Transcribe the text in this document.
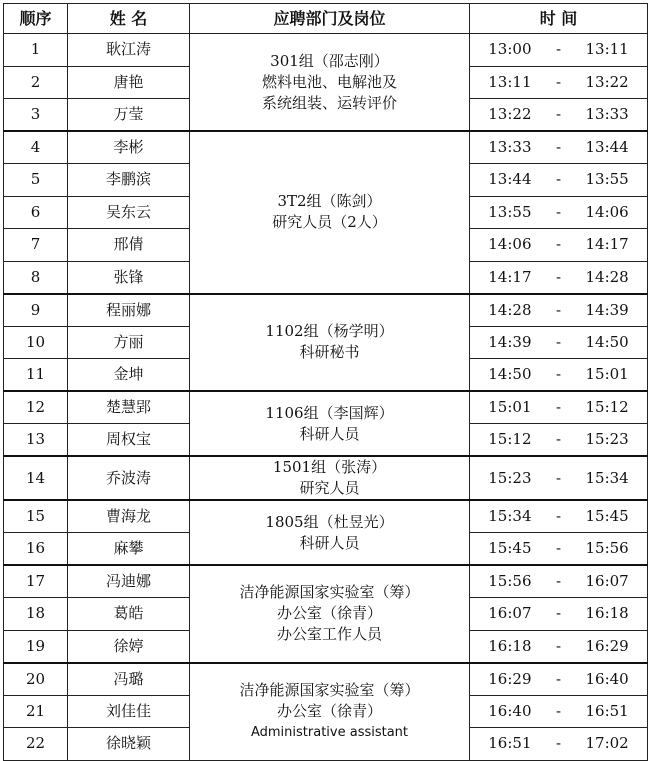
顺序	姓 名	应聘部门及岗位	时 间
1	耿江涛	301组（邵志刚）
燃料电池、电解池及
系统组装、运转评价	13:00 - 13:11
2	唐艳		13:11 - 13:22
3	万莹		13:22 - 13:33
4	李彬	3T2组（陈剑）
研究人员（2人）	13:33 - 13:44
5	李鹏滨		13:44 - 13:55
6	吴东云		13:55 - 14:06
7	邢倩		14:06 - 14:17
8	张锋		14:17 - 14:28
9	程丽娜	1102组（杨学明）
科研秘书	14:28 - 14:39
10	方丽		14:39 - 14:50
11	金坤		14:50 - 15:01
12	楚慧郢	1106组（李国辉）
科研人员	15:01 - 15:12
13	周权宝		15:12 - 15:23
14	乔波涛	1501组（张涛）
研究人员	15:23 - 15:34
15	曹海龙	1805组（杜昱光）
科研人员	15:34 - 15:45
16	麻攀		15:45 - 15:56
17	冯迪娜	洁净能源国家实验室（筹）
办公室（徐青）
办公室工作人员	15:56 - 16:07
18	葛皓		16:07 - 16:18
19	徐婷		16:18 - 16:29
20	冯璐	洁净能源国家实验室（筹）
办公室（徐青）
Administrative assistant	16:29 - 16:40
21	刘佳佳		16:40 - 16:51
22	徐晓颖		16:51 - 17:02
